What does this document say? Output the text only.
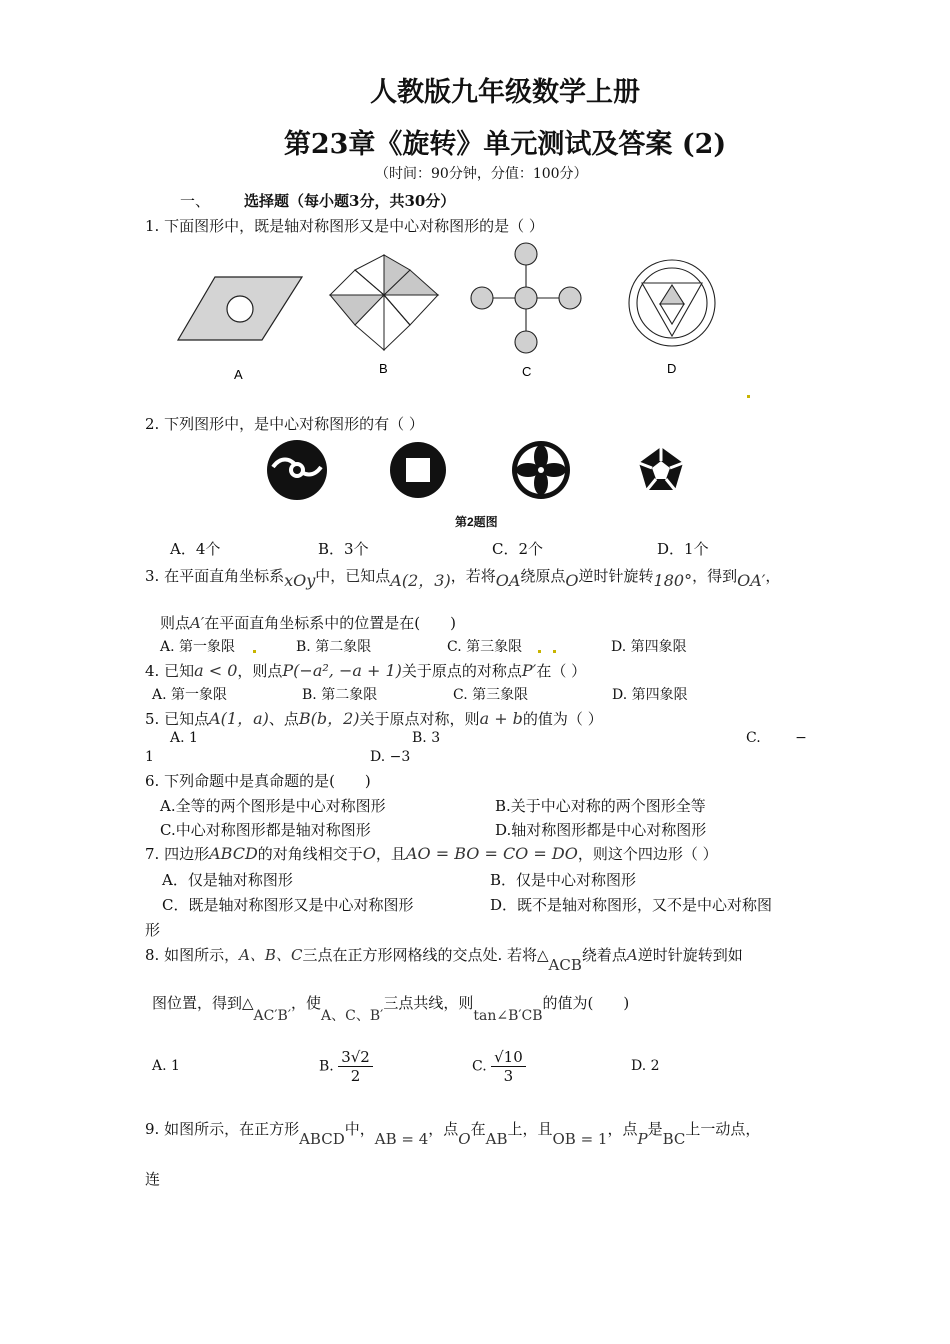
人教版九年级数学上册
第23章《旋转》单元测试及答案 (2)
（时间：90分钟，分值：100分）
一、 选择题（每小题3分，共30分）
1. 下面图形中，既是轴对称图形又是中心对称图形的是（ ）
A	B	C	D
2. 下列图形中，是中心对称图形的有（ ）
第2题图
A．4个	B．3个	C．2个	D．1个
3. 在平面直角坐标系xOy中，已知点A(2，3)，若将OA绕原点O逆时针旋转180°，得到OA′，
则点A′在平面直角坐标系中的位置是在(　　)
A. 第一象限	B. 第二象限	C. 第三象限	D. 第四象限
4. 已知a < 0，则点P(−a², −a + 1)关于原点的对称点P′在（ ）
A. 第一象限	B. 第二象限	C. 第三象限	D. 第四象限
5. 已知点A(1，a)、点B(b，2)关于原点对称，则a + b的值为（ ）
A. 1	B. 3	C. −
1	D. −3
6. 下列命题中是真命题的是(　　)
A.全等的两个图形是中心对称图形	B.关于中心对称的两个图形全等
C.中心对称图形都是轴对称图形	D.轴对称图形都是中心对称图形
7. 四边形ABCD的对角线相交于O，且AO = BO = CO = DO，则这个四边形（ ）
A．仅是轴对称图形	B．仅是中心对称图形
C．既是轴对称图形又是中心对称图形	D．既不是轴对称图形，又不是中心对称图
形
8. 如图所示，A、B、C三点在正方形网格线的交点处. 若将△ACB绕着点A逆时针旋转到如
图位置，得到△AC′B′，使A、C、B′三点共线，则tan∠B′CB的值为(　　)
A. 1	B. $\frac{3√2}{2}$	C. $\frac{√10}{3}$	D. 2
9. 如图所示，在正方形ABCD中，AB = 4，点O在AB上，且OB = 1，点P是BC上一动点，
连
